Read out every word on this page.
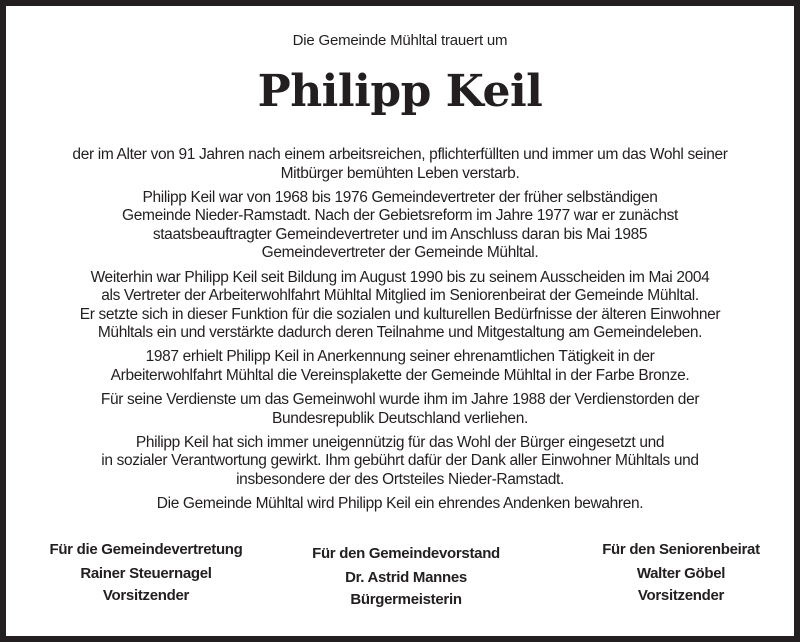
Die Gemeinde Mühltal trauert um
Philipp Keil
der im Alter von 91 Jahren nach einem arbeitsreichen, pflichterfüllten und immer um das Wohl seiner
Mitbürger bemühten Leben verstarb.
Philipp Keil war von 1968 bis 1976 Gemeindevertreter der früher selbständigen
Gemeinde Nieder-Ramstadt. Nach der Gebietsreform im Jahre 1977 war er zunächst
staatsbeauftragter Gemeindevertreter und im Anschluss daran bis Mai 1985
Gemeindevertreter der Gemeinde Mühltal.
Weiterhin war Philipp Keil seit Bildung im August 1990 bis zu seinem Ausscheiden im Mai 2004
als Vertreter der Arbeiterwohlfahrt Mühltal Mitglied im Seniorenbeirat der Gemeinde Mühltal.
Er setzte sich in dieser Funktion für die sozialen und kulturellen Bedürfnisse der älteren Einwohner
Mühltals ein und verstärkte dadurch deren Teilnahme und Mitgestaltung am Gemeindeleben.
1987 erhielt Philipp Keil in Anerkennung seiner ehrenamtlichen Tätigkeit in der
Arbeiterwohlfahrt Mühltal die Vereinsplakette der Gemeinde Mühltal in der Farbe Bronze.
Für seine Verdienste um das Gemeinwohl wurde ihm im Jahre 1988 der Verdienstorden der
Bundesrepublik Deutschland verliehen.
Philipp Keil hat sich immer uneigennützig für das Wohl der Bürger eingesetzt und
in sozialer Verantwortung gewirkt. Ihm gebührt dafür der Dank aller Einwohner Mühltals und
insbesondere der des Ortsteiles Nieder-Ramstadt.
Die Gemeinde Mühltal wird Philipp Keil ein ehrendes Andenken bewahren.
Für die Gemeindevertretung
Rainer Steuernagel
Vorsitzender
Für den Gemeindevorstand
Dr. Astrid Mannes
Bürgermeisterin
Für den Seniorenbeirat
Walter Göbel
Vorsitzender
